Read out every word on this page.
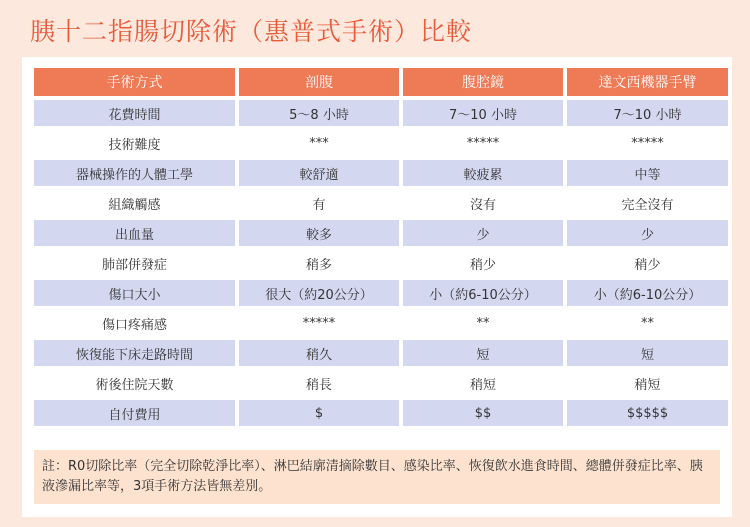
胰十二指腸切除術（惠普式手術）比較
手術方式	剖腹	腹腔鏡	達文西機器手臂
花費時間	5～8 小時	7～10 小時	7～10 小時
技術難度	***	*****	*****
器械操作的人體工學	較舒適	較疲累	中等
組織觸感	有	沒有	完全沒有
出血量	較多	少	少
肺部併發症	稍多	稍少	稍少
傷口大小	很大（約20公分）	小（約6-10公分）	小（約6-10公分）
傷口疼痛感	*****	**	**
恢復能下床走路時間	稍久	短	短
術後住院天數	稍長	稍短	稍短
自付費用	$	$$	$$$$$
註：R0切除比率（完全切除乾淨比率）、淋巴結廓清摘除數目、感染比率、恢復飲水進食時間、總體併發症比率、胰液滲漏比率等，3項手術方法皆無差別。
